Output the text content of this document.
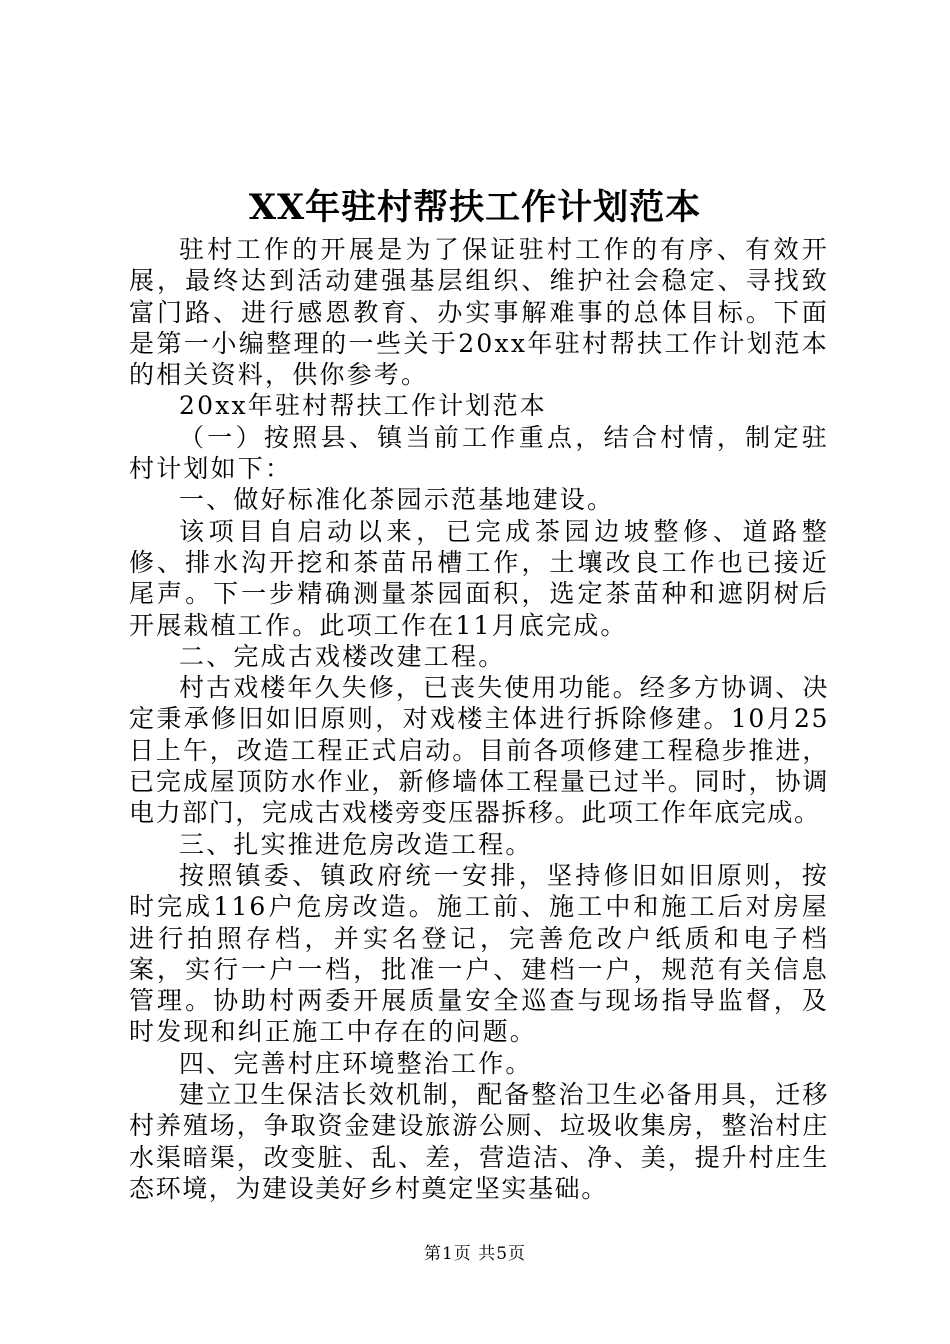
XX年驻村帮扶工作计划范本

驻村工作的开展是为了保证驻村工作的有序、有效开展，最终达到活动建强基层组织、维护社会稳定、寻找致富门路、进行感恩教育、办实事解难事的总体目标。下面是第一小编整理的一些关于20xx年驻村帮扶工作计划范本的相关资料，供你参考。

20xx年驻村帮扶工作计划范本

（一）按照县、镇当前工作重点，结合村情，制定驻村计划如下：

一、做好标准化茶园示范基地建设。

该项目自启动以来，已完成茶园边坡整修、道路整修、排水沟开挖和茶苗吊槽工作，土壤改良工作也已接近尾声。下一步精确测量茶园面积，选定茶苗种和遮阴树后开展栽植工作。此项工作在11月底完成。

二、完成古戏楼改建工程。

村古戏楼年久失修，已丧失使用功能。经多方协调、决定秉承修旧如旧原则，对戏楼主体进行拆除修建。10月25日上午，改造工程正式启动。目前各项修建工程稳步推进，已完成屋顶防水作业，新修墙体工程量已过半。同时，协调电力部门，完成古戏楼旁变压器拆移。此项工作年底完成。

三、扎实推进危房改造工程。

按照镇委、镇政府统一安排，坚持修旧如旧原则，按时完成116户危房改造。施工前、施工中和施工后对房屋进行拍照存档，并实名登记，完善危改户纸质和电子档案，实行一户一档，批准一户、建档一户，规范有关信息管理。协助村两委开展质量安全巡查与现场指导监督，及时发现和纠正施工中存在的问题。

四、完善村庄环境整治工作。

建立卫生保洁长效机制，配备整治卫生必备用具，迁移村养殖场，争取资金建设旅游公厕、垃圾收集房，整治村庄水渠暗渠，改变脏、乱、差，营造洁、净、美，提升村庄生态环境，为建设美好乡村奠定坚实基础。

第1页 共5页
